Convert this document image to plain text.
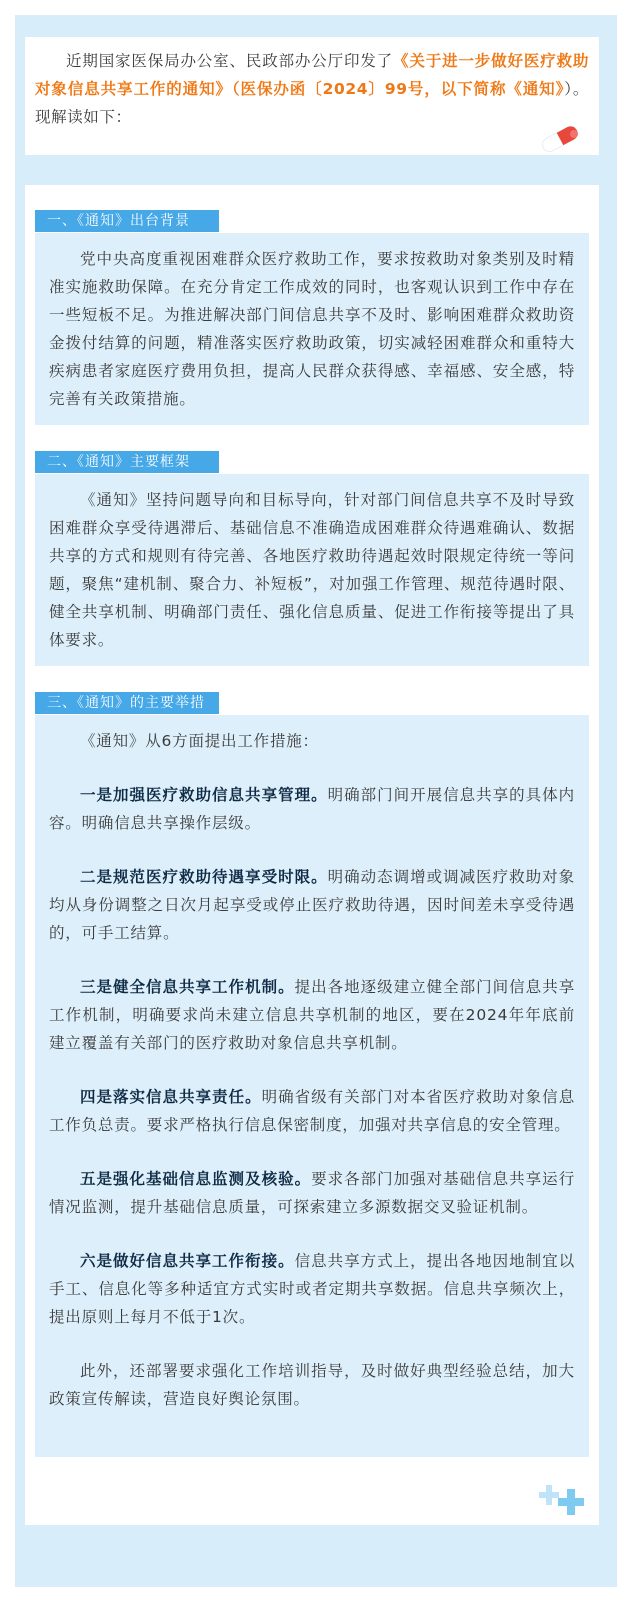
近期国家医保局办公室、民政部办公厅印发了《关于进一步做好医疗救助对象信息共享工作的通知》（医保办函〔2024〕99号，以下简称《通知》）。现解读如下：

一、《通知》出台背景

党中央高度重视困难群众医疗救助工作，要求按救助对象类别及时精准实施救助保障。在充分肯定工作成效的同时，也客观认识到工作中存在一些短板不足。为推进解决部门间信息共享不及时、影响困难群众救助资金拨付结算的问题，精准落实医疗救助政策，切实减轻困难群众和重特大疾病患者家庭医疗费用负担，提高人民群众获得感、幸福感、安全感，特完善有关政策措施。

二、《通知》主要框架

《通知》坚持问题导向和目标导向，针对部门间信息共享不及时导致困难群众享受待遇滞后、基础信息不准确造成困难群众待遇难确认、数据共享的方式和规则有待完善、各地医疗救助待遇起效时限规定待统一等问题，聚焦“建机制、聚合力、补短板”，对加强工作管理、规范待遇时限、健全共享机制、明确部门责任、强化信息质量、促进工作衔接等提出了具体要求。

三、《通知》的主要举措

《通知》从6方面提出工作措施：

一是加强医疗救助信息共享管理。明确部门间开展信息共享的具体内容。明确信息共享操作层级。

二是规范医疗救助待遇享受时限。明确动态调增或调减医疗救助对象均从身份调整之日次月起享受或停止医疗救助待遇，因时间差未享受待遇的，可手工结算。

三是健全信息共享工作机制。提出各地逐级建立健全部门间信息共享工作机制，明确要求尚未建立信息共享机制的地区，要在2024年年底前建立覆盖有关部门的医疗救助对象信息共享机制。

四是落实信息共享责任。明确省级有关部门对本省医疗救助对象信息工作负总责。要求严格执行信息保密制度，加强对共享信息的安全管理。

五是强化基础信息监测及核验。要求各部门加强对基础信息共享运行情况监测，提升基础信息质量，可探索建立多源数据交叉验证机制。

六是做好信息共享工作衔接。信息共享方式上，提出各地因地制宜以手工、信息化等多种适宜方式实时或者定期共享数据。信息共享频次上，提出原则上每月不低于1次。

此外，还部署要求强化工作培训指导，及时做好典型经验总结，加大政策宣传解读，营造良好舆论氛围。
